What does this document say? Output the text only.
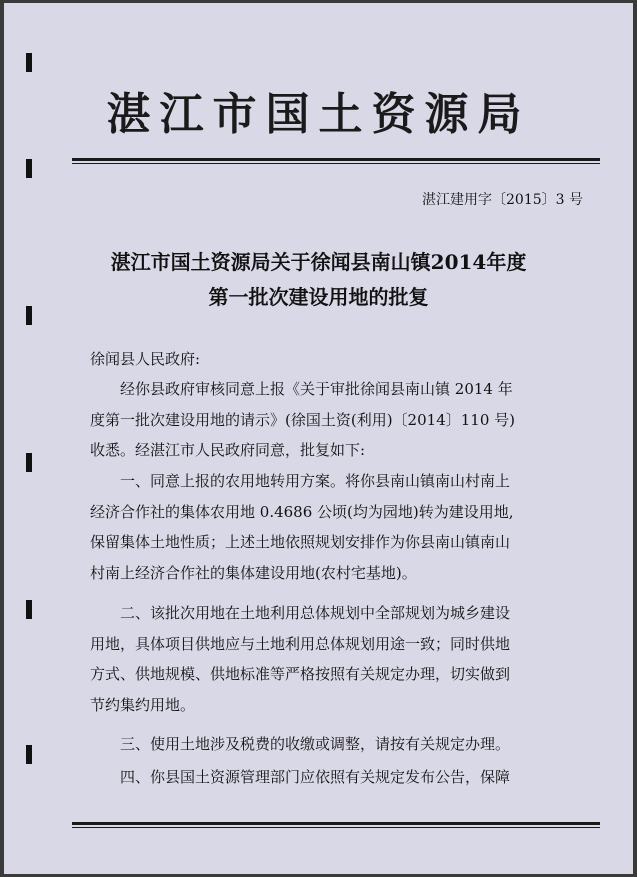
湛江市国土资源局
湛江建用字〔2015〕3 号
湛江市国土资源局关于徐闻县南山镇2014年度
第一批次建设用地的批复
徐闻县人民政府:

经你县政府审核同意上报《关于审批徐闻县南山镇 2014 年
度第一批次建设用地的请示》(徐国土资(利用)〔2014〕110 号)
收悉。经湛江市人民政府同意，批复如下:

一、同意上报的农用地转用方案。将你县南山镇南山村南上
经济合作社的集体农用地 0.4686 公顷(均为园地)转为建设用地,
保留集体土地性质；上述土地依照规划安排作为你县南山镇南山
村南上经济合作社的集体建设用地(农村宅基地)。

二、该批次用地在土地利用总体规划中全部规划为城乡建设
用地，具体项目供地应与土地利用总体规划用途一致；同时供地
方式、供地规模、供地标准等严格按照有关规定办理，切实做到
节约集约用地。

三、使用土地涉及税费的收缴或调整，请按有关规定办理。

四、你县国土资源管理部门应依照有关规定发布公告，保障
